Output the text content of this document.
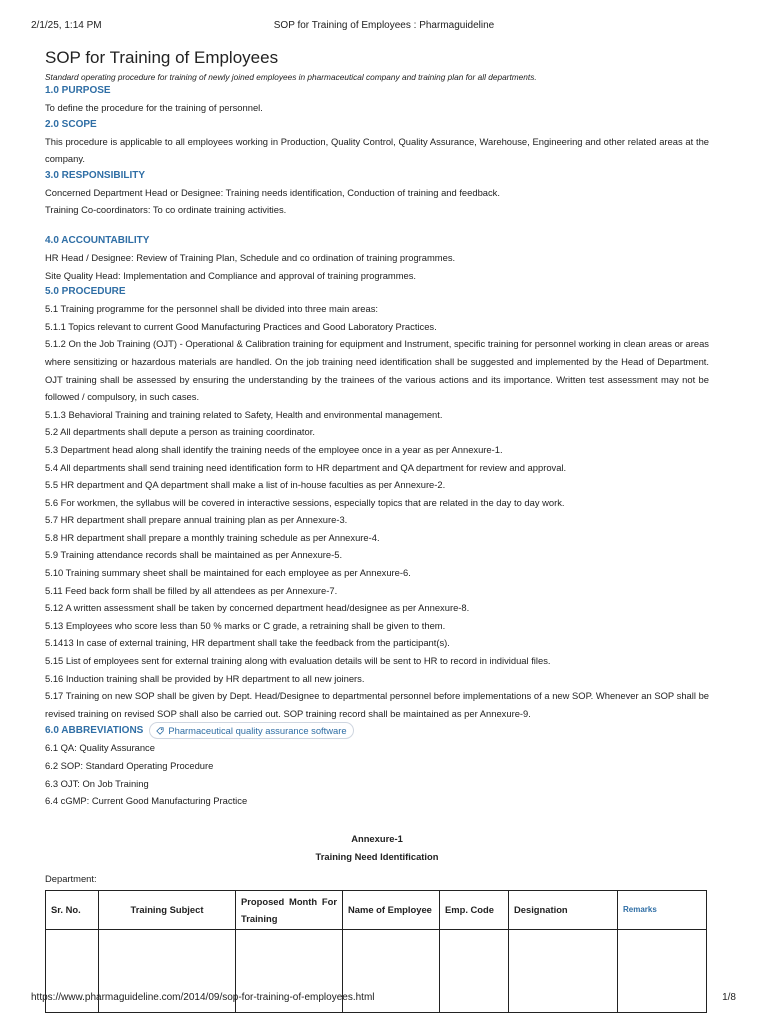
2/1/25, 1:14 PM	SOP for Training of Employees : Pharmaguideline
SOP for Training of Employees
Standard operating procedure for training of newly joined employees in pharmaceutical company and training plan for all departments.
1.0 PURPOSE
To define the procedure for the training of personnel.
2.0 SCOPE
This procedure is applicable to all employees working in Production, Quality Control, Quality Assurance, Warehouse, Engineering and other related areas at the company.
3.0 RESPONSIBILITY
Concerned Department Head or Designee: Training needs identification, Conduction of training and feedback.
Training Co-coordinators: To co ordinate training activities.
4.0 ACCOUNTABILITY
HR Head / Designee: Review of Training Plan, Schedule and co ordination of training programmes.
Site Quality Head: Implementation and Compliance and approval of training programmes.
5.0 PROCEDURE
5.1 Training programme for the personnel shall be divided into three main areas:
5.1.1 Topics relevant to current Good Manufacturing Practices and Good Laboratory Practices.
5.1.2 On the Job Training (OJT) - Operational & Calibration training for equipment and Instrument, specific training for personnel working in clean areas or areas where sensitizing or hazardous materials are handled. On the job training need identification shall be suggested and implemented by the Head of Department. OJT training shall be assessed by ensuring the understanding by the trainees of the various actions and its importance. Written test assessment may not be followed / compulsory, in such cases.
5.1.3 Behavioral Training and training related to Safety, Health and environmental management.
5.2 All departments shall depute a person as training coordinator.
5.3 Department head along shall identify the training needs of the employee once in a year as per Annexure-1.
5.4 All departments shall send training need identification form to HR department and QA department for review and approval.
5.5 HR department and QA department shall make a list of in-house faculties as per Annexure-2.
5.6 For workmen, the syllabus will be covered in interactive sessions, especially topics that are related in the day to day work.
5.7 HR department shall prepare annual training plan as per Annexure-3.
5.8 HR department shall prepare a monthly training schedule as per Annexure-4.
5.9 Training attendance records shall be maintained as per Annexure-5.
5.10 Training summary sheet shall be maintained for each employee as per Annexure-6.
5.11 Feed back form shall be filled by all attendees as per Annexure-7.
5.12 A written assessment shall be taken by concerned department head/designee as per Annexure-8.
5.13 Employees who score less than 50 % marks or C grade, a retraining shall be given to them.
5.1413 In case of external training, HR department shall take the feedback from the participant(s).
5.15 List of employees sent for external training along with evaluation details will be sent to HR to record in individual files.
5.16 Induction training shall be provided by HR department to all new joiners.
5.17 Training on new SOP shall be given by Dept. Head/Designee to departmental personnel before implementations of a new SOP. Whenever an SOP shall be revised training on revised SOP shall also be carried out. SOP training record shall be maintained as per Annexure-9.
6.0 ABBREVIATIONS	Pharmaceutical quality assurance software
6.1 QA: Quality Assurance
6.2 SOP: Standard Operating Procedure
6.3 OJT: On Job Training
6.4 cGMP: Current Good Manufacturing Practice
Annexure-1
Training Need Identification
Department:
Sr. No.	Training Subject	Proposed Month For Training	Name of Employee	Emp. Code	Designation	Remarks

https://www.pharmaguideline.com/2014/09/sop-for-training-of-employees.html	1/8
